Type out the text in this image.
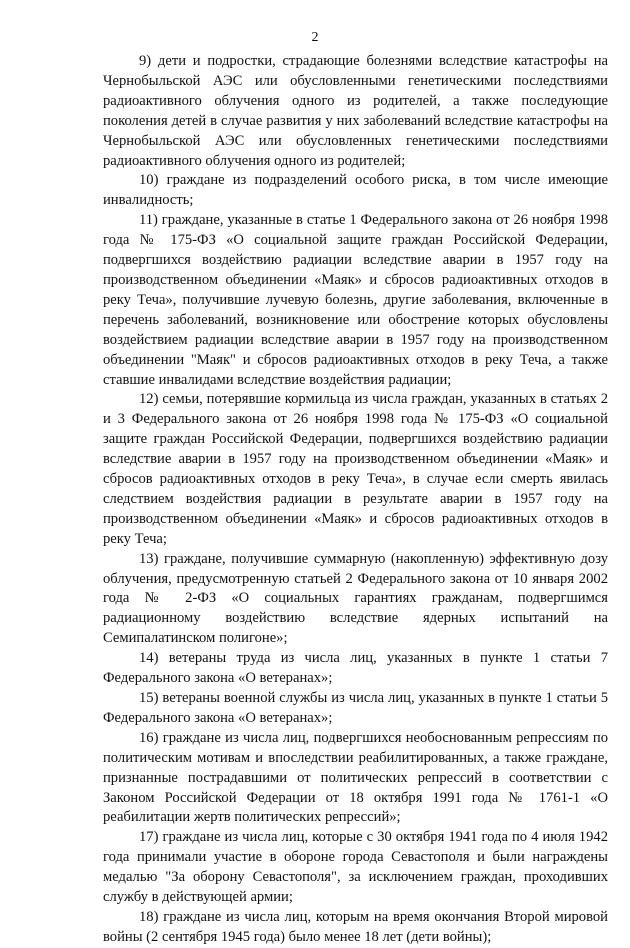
2

9) дети и подростки, страдающие болезнями вследствие катастрофы на Чернобыльской АЭС или обусловленными генетическими последствиями радиоактивного облучения одного из родителей, а также последующие поколения детей в случае развития у них заболеваний вследствие катастрофы на Чернобыльской АЭС или обусловленных генетическими последствиями радиоактивного облучения одного из родителей;

10) граждане из подразделений особого риска, в том числе имеющие инвалидность;

11) граждане, указанные в статье 1 Федерального закона от 26 ноября 1998 года № 175-ФЗ «О социальной защите граждан Российской Федерации, подвергшихся воздействию радиации вследствие аварии в 1957 году на производственном объединении «Маяк» и сбросов радиоактивных отходов в реку Теча», получившие лучевую болезнь, другие заболевания, включенные в перечень заболеваний, возникновение или обострение которых обусловлены воздействием радиации вследствие аварии в 1957 году на производственном объединении "Маяк" и сбросов радиоактивных отходов в реку Теча, а также ставшие инвалидами вследствие воздействия радиации;

12) семьи, потерявшие кормильца из числа граждан, указанных в статьях 2 и 3 Федерального закона от 26 ноября 1998 года № 175-ФЗ «О социальной защите граждан Российской Федерации, подвергшихся воздействию радиации вследствие аварии в 1957 году на производственном объединении «Маяк» и сбросов радиоактивных отходов в реку Теча», в случае если смерть явилась следствием воздействия радиации в результате аварии в 1957 году на производственном объединении «Маяк» и сбросов радиоактивных отходов в реку Теча;

13) граждане, получившие суммарную (накопленную) эффективную дозу облучения, предусмотренную статьей 2 Федерального закона от 10 января 2002 года № 2-ФЗ «О социальных гарантиях гражданам, подвергшимся радиационному воздействию вследствие ядерных испытаний на Семипалатинском полигоне»;

14) ветераны труда из числа лиц, указанных в пункте 1 статьи 7 Федерального закона «О ветеранах»;

15) ветераны военной службы из числа лиц, указанных в пункте 1 статьи 5 Федерального закона «О ветеранах»;

16) граждане из числа лиц, подвергшихся необоснованным репрессиям по политическим мотивам и впоследствии реабилитированных, а также граждане, признанные пострадавшими от политических репрессий в соответствии с Законом Российской Федерации от 18 октября 1991 года № 1761-1 «О реабилитации жертв политических репрессий»;

17) граждане из числа лиц, которые с 30 октября 1941 года по 4 июля 1942 года принимали участие в обороне города Севастополя и были награждены медалью "За оборону Севастополя", за исключением граждан, проходивших службу в действующей армии;

18) граждане из числа лиц, которым на время окончания Второй мировой войны (2 сентября 1945 года) было менее 18 лет (дети войны);
